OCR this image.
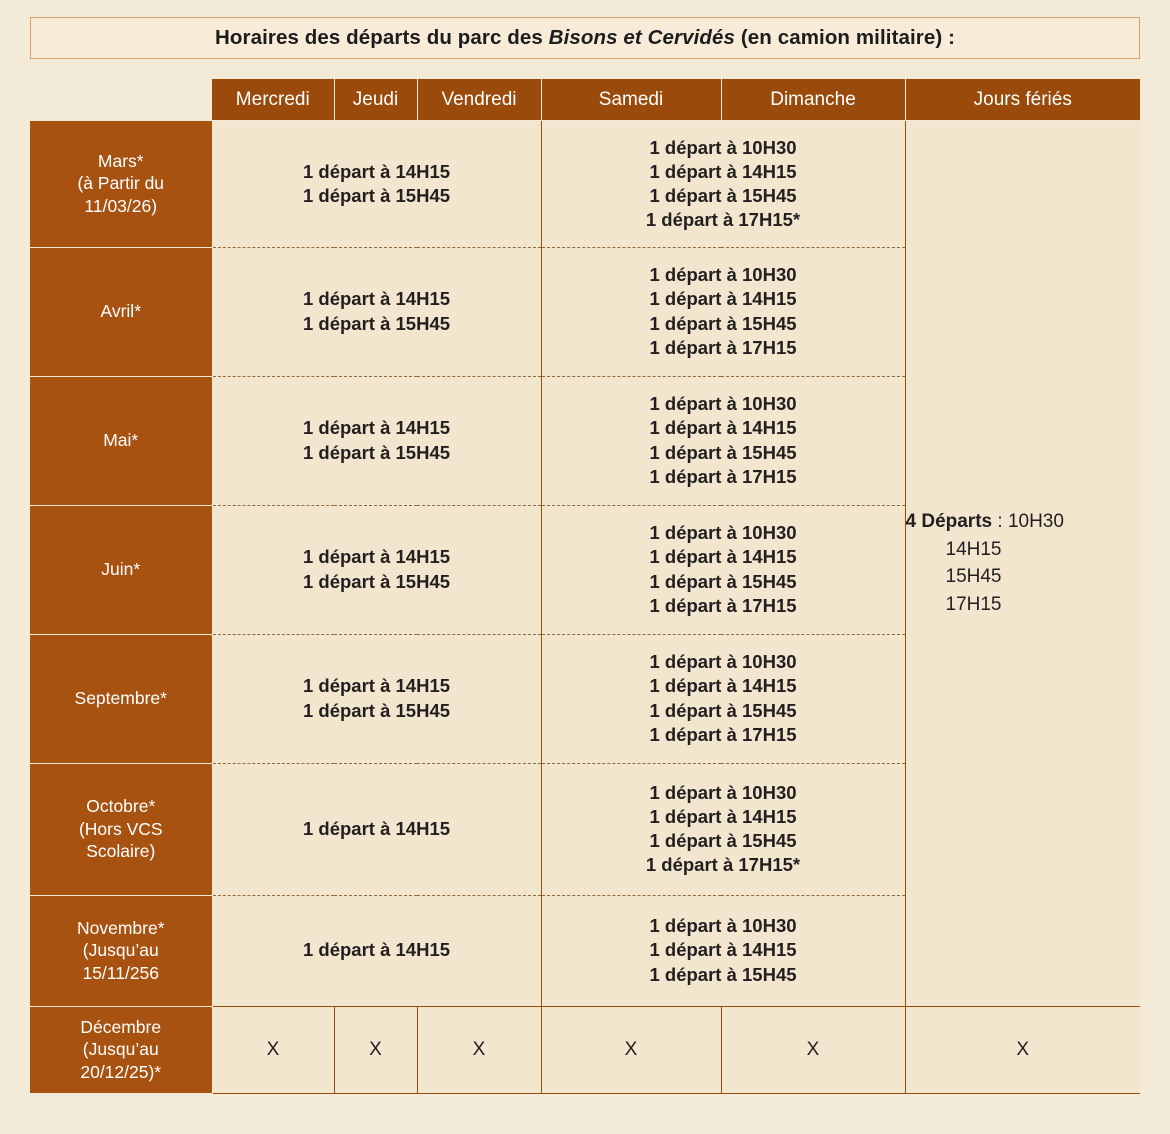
Horaires des départs du parc des Bisons et Cervidés (en camion militaire) :
	Mercredi	Jeudi	Vendredi	Samedi	Dimanche	Jours fériés

Mars*
(à Partir du
11/03/26)

1 départ à 14H15
1 départ à 15H45

1 départ à 10H30
1 départ à 14H15
1 départ à 15H45
1 départ à 17H15*

4 Départs : 10H30
14H15
15H45
17H15

Avril*

1 départ à 14H15
1 départ à 15H45

1 départ à 10H30
1 départ à 14H15
1 départ à 15H45
1 départ à 17H15

Mai*

1 départ à 14H15
1 départ à 15H45

1 départ à 10H30
1 départ à 14H15
1 départ à 15H45
1 départ à 17H15

Juin*

1 départ à 14H15
1 départ à 15H45

1 départ à 10H30
1 départ à 14H15
1 départ à 15H45
1 départ à 17H15

Septembre*

1 départ à 14H15
1 départ à 15H45

1 départ à 10H30
1 départ à 14H15
1 départ à 15H45
1 départ à 17H15

Octobre*
(Hors VCS
Scolaire)

1 départ à 14H15

1 départ à 10H30
1 départ à 14H15
1 départ à 15H45
1 départ à 17H15*

Novembre*
(Jusqu’au
15/11/256

1 départ à 14H15

1 départ à 10H30
1 départ à 14H15
1 départ à 15H45

Décembre
(Jusqu’au
20/12/25)*	X	X	X	X	X	X
